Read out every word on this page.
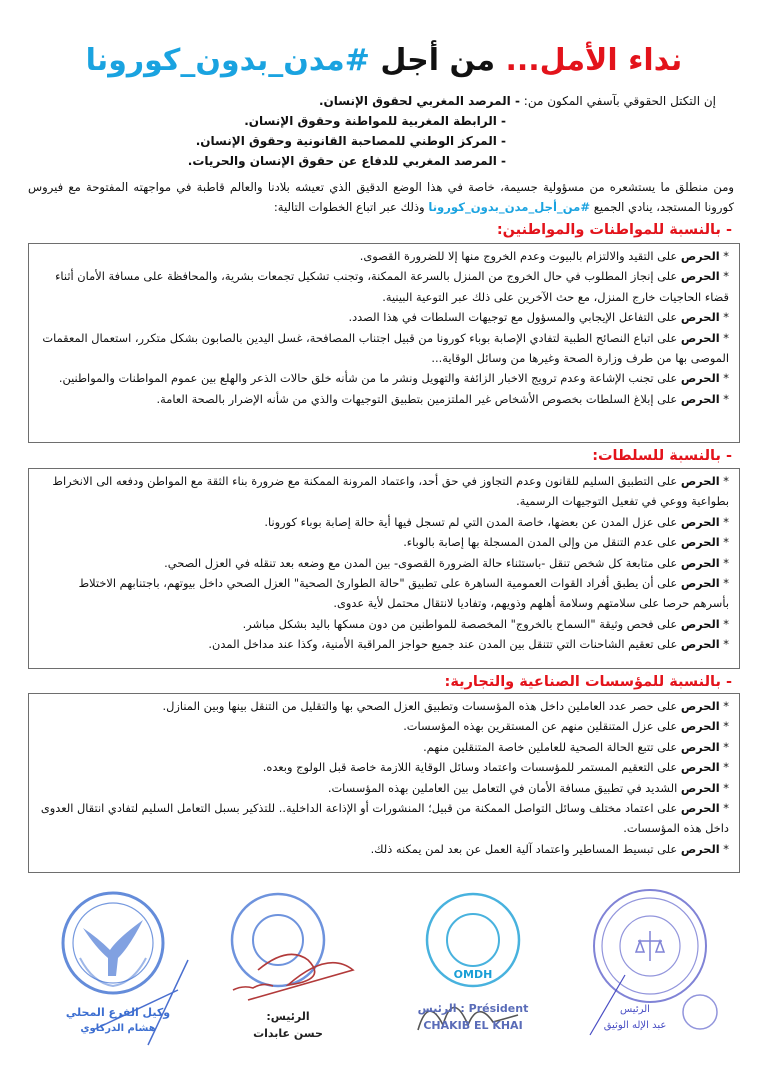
نداء الأمل... من أجل #مدن_بدون_كورونا
إن التكتل الحقوقي بآسفي المكون من: - المرصد المغربي لحقوق الإنسان.
- الرابطة المغربية للمواطنة وحقوق الإنسان.
- المركز الوطني للمصاحبة القانونية وحقوق الإنسان.
- المرصد المغربي للدفاع عن حقوق الإنسان والحريات.
ومن منطلق ما يستشعره من مسؤولية جسيمة، خاصة في هذا الوضع الدقيق الذي تعيشه بلادنا والعالم قاطبة في مواجهته المفتوحة مع فيروس كورونا المستجد، ينادي الجميع #من_أجل_مدن_بدون_كورونا وذلك عبر اتباع الخطوات التالية:
- بالنسبة للمواطنات والمواطنين:
* الحرص على التقيد والالتزام بالبيوت وعدم الخروج منها إلا للضرورة القصوى.
* الحرص على إنجاز المطلوب في حال الخروج من المنزل بالسرعة الممكنة، وتجنب تشكيل تجمعات بشرية، والمحافظة على مسافة الأمان أثناء قضاء الحاجيات خارج المنزل، مع حث الآخرين على ذلك عبر التوعية البينية.
* الحرص على التفاعل الإيجابي والمسؤول مع توجيهات السلطات في هذا الصدد.
* الحرص على اتباع النصائح الطبية لتفادي الإصابة بوباء كورونا من قبيل اجتناب المصافحة، غسل اليدين بالصابون بشكل متكرر، استعمال المعقمات الموصى بها من طرف وزارة الصحة وغيرها من وسائل الوقاية...
* الحرص على تجنب الإشاعة وعدم ترويج الاخبار الزائفة والتهويل ونشر ما من شأنه خلق حالات الذعر والهلع بين عموم المواطنات والمواطنين.
* الحرص على إبلاغ السلطات بخصوص الأشخاص غير الملتزمين بتطبيق التوجيهات والذي من شأنه الإضرار بالصحة العامة.
- بالنسبة للسلطات:
* الحرص على التطبيق السليم للقانون وعدم التجاوز في حق أحد، واعتماد المرونة الممكنة مع ضرورة بناء الثقة مع المواطن ودفعه الى الانخراط بطواعية ووعي في تفعيل التوجيهات الرسمية.
* الحرص على عزل المدن عن بعضها، خاصة المدن التي لم تسجل فيها أية حالة إصابة بوباء كورونا.
* الحرص على عدم التنقل من وإلى المدن المسجلة بها إصابة بالوباء.
* الحرص على متابعة كل شخص تنقل -باستثناء حالة الضرورة القصوى- بين المدن مع وضعه بعد تنقله في العزل الصحي.
* الحرص على أن يطبق أفراد القوات العمومية الساهرة على تطبيق "حالة الطوارئ الصحية" العزل الصحي داخل بيوتهم، باجتنابهم الاختلاط بأسرهم حرصا على سلامتهم وسلامة أهلهم وذويهم، وتفاديا لانتقال محتمل لأية عدوى.
* الحرص على فحص وثيقة "السماح بالخروج" المخصصة للمواطنين من دون مسكها باليد بشكل مباشر.
* الحرص على تعقيم الشاحنات التي تتنقل بين المدن عند جميع حواجز المراقبة الأمنية، وكذا عند مداخل المدن.
- بالنسبة للمؤسسات الصناعية والتجارية:
* الحرص على حصر عدد العاملين داخل هذه المؤسسات وتطبيق العزل الصحي بها والتقليل من التنقل بينها وبين المنازل.
* الحرص على عزل المتنقلين منهم عن المستقرين بهذه المؤسسات.
* الحرص على تتبع الحالة الصحية للعاملين خاصة المتنقلين منهم.
* الحرص على التعقيم المستمر للمؤسسات واعتماد وسائل الوقاية اللازمة خاصة قبل الولوج وبعده.
* الحرص الشديد في تطبيق مسافة الأمان في التعامل بين العاملين بهذه المؤسسات.
* الحرص على اعتماد مختلف وسائل التواصل الممكنة من قبيل؛ المنشورات أو الإذاعة الداخلية.. للتذكير بسبل التعامل السليم لتفادي انتقال العدوى داخل هذه المؤسسات.
* الحرص على تبسيط المساطير واعتماد آلية العمل عن بعد لمن يمكنه ذلك.
وكيل الفرع المحلي
هشام الدركاوي
الرئيس:
حسن عابدات
OMDH
Président : الرئيس
CHAKIB EL KHAI
الرئيس
عبد الإله الوثيق
